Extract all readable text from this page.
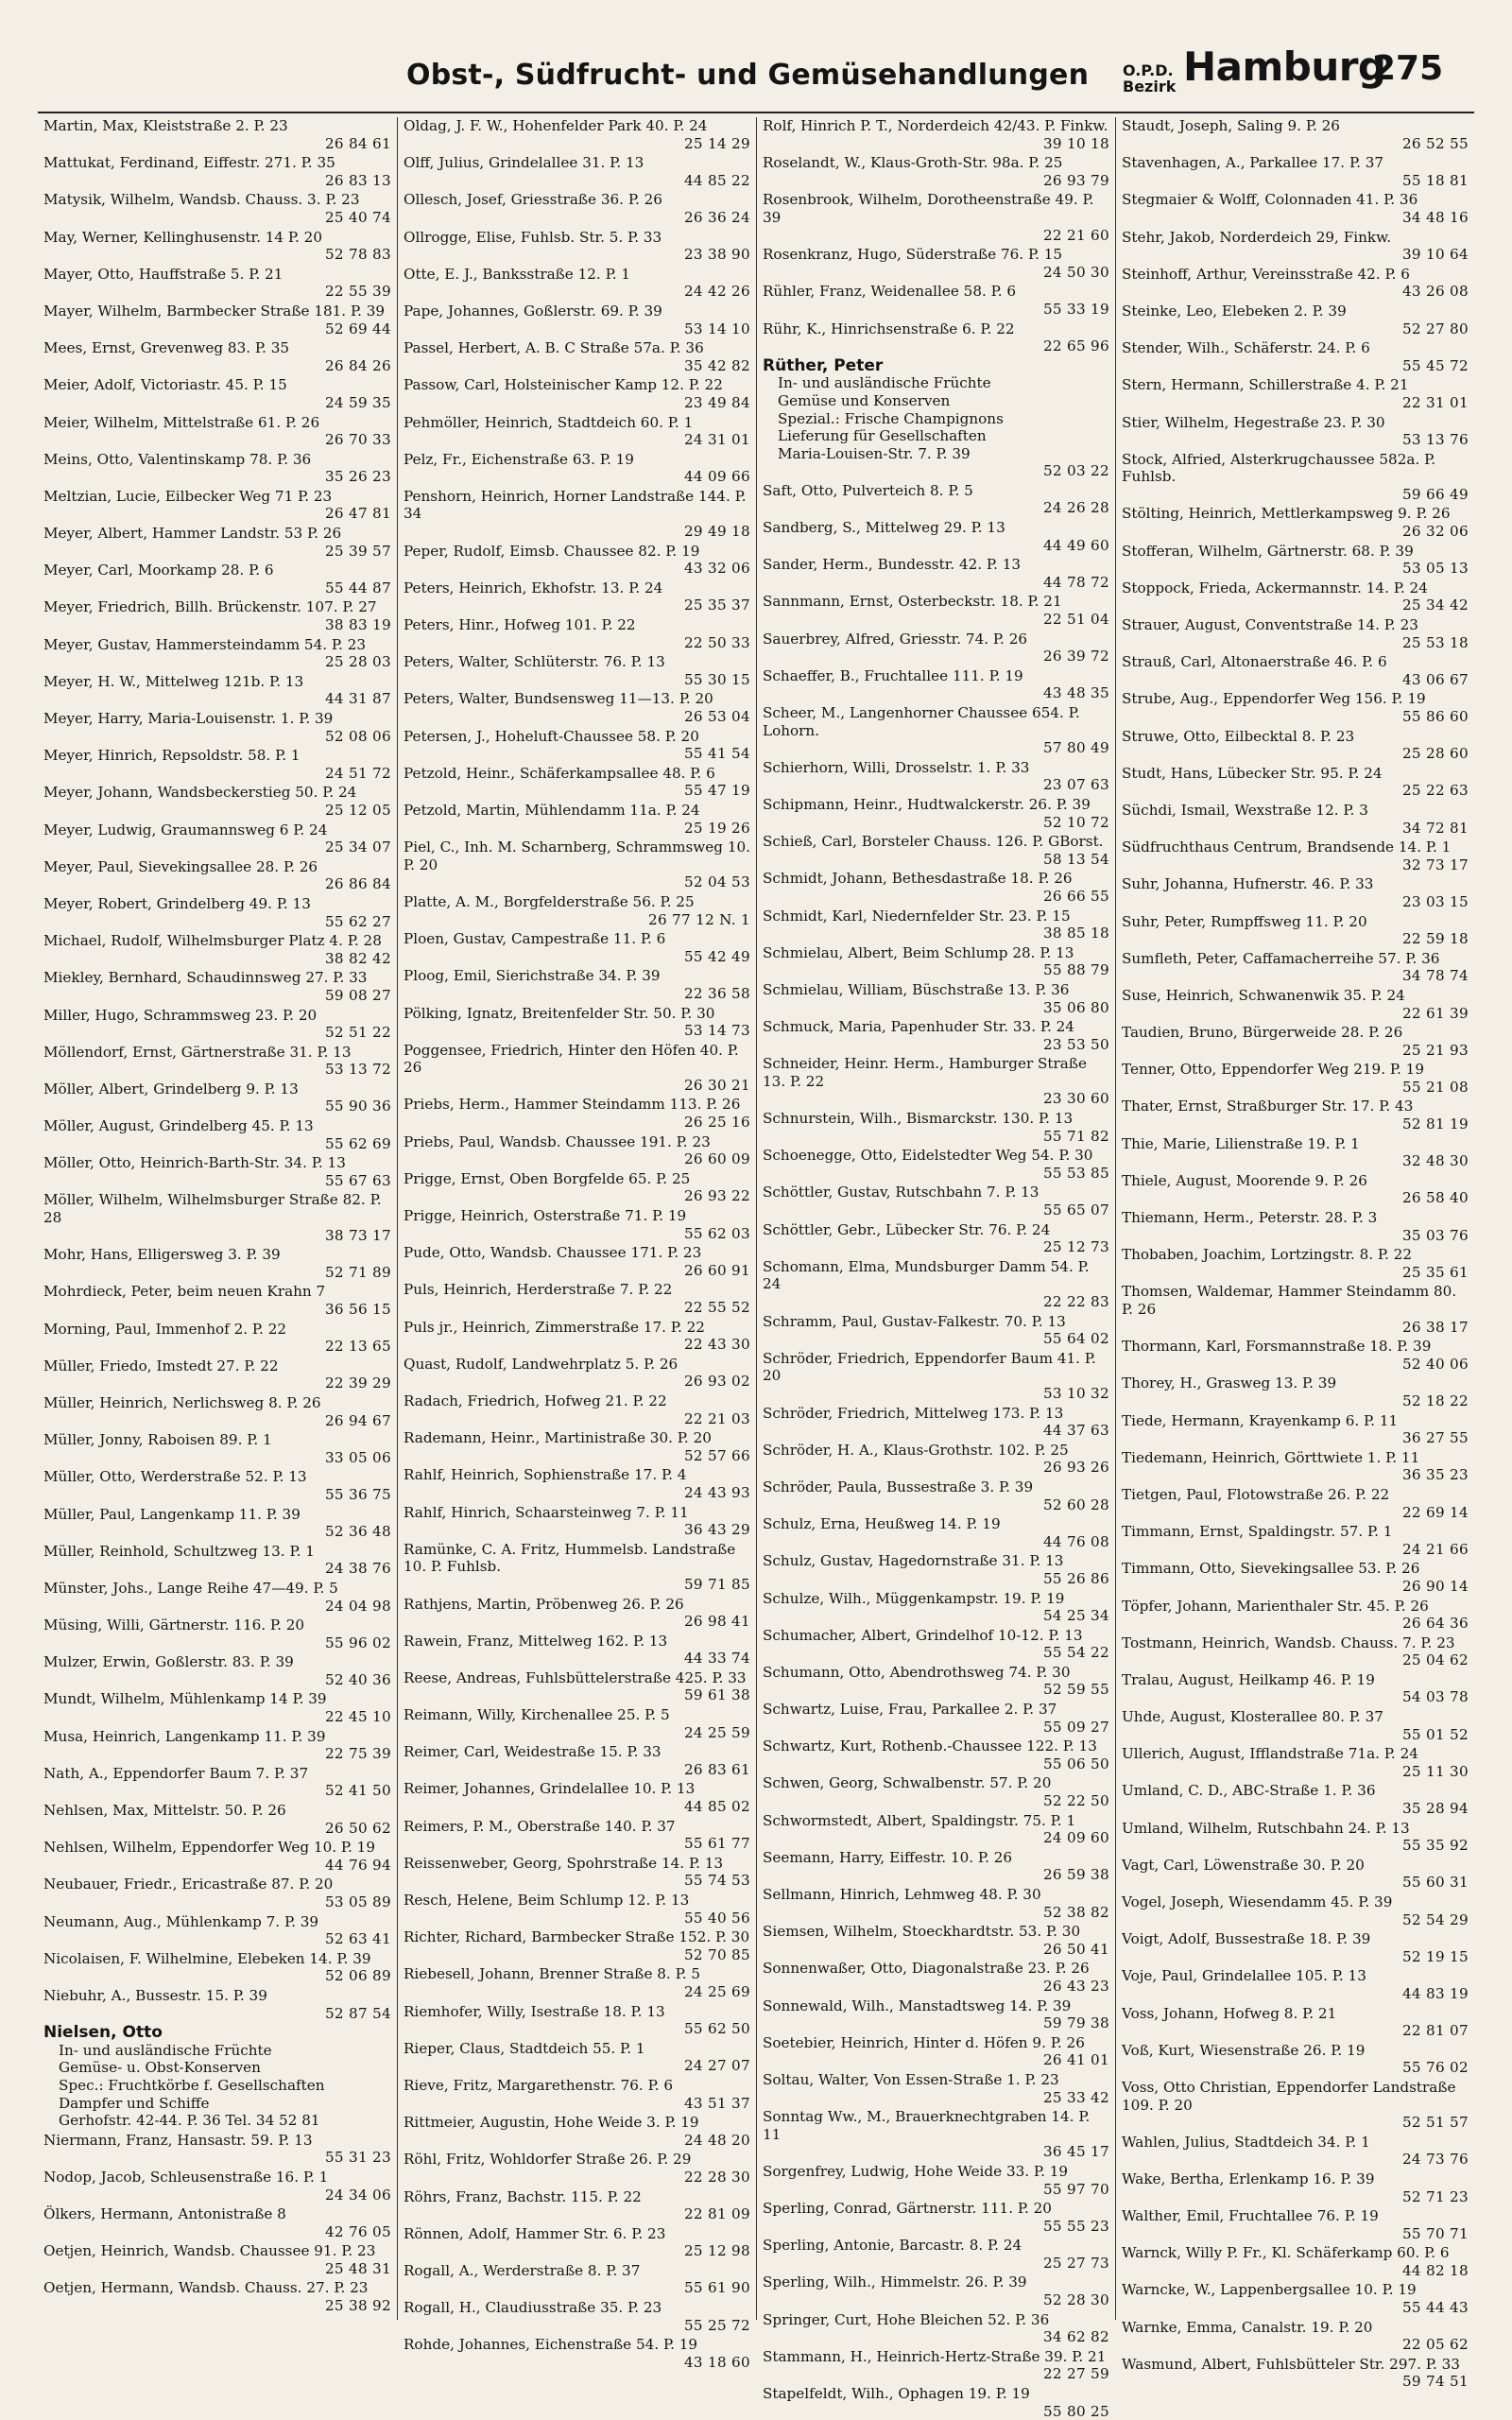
Obst-, Südfrucht- und Gemüsehandlungen O.P.D.
Bezirk Hamburg
275
Martin, Max, Kleiststraße 2. P. 23
26 84 61
Mattukat, Ferdinand, Eiffestr. 271. P. 35
26 83 13
Matysik, Wilhelm, Wandsb. Chauss. 3. P. 23
25 40 74
May, Werner, Kellinghusenstr. 14 P. 20
52 78 83
Mayer, Otto, Hauffstraße 5. P. 21
22 55 39
Mayer, Wilhelm, Barmbecker Straße 181. P. 39
52 69 44
Mees, Ernst, Grevenweg 83. P. 35
26 84 26
Meier, Adolf, Victoriastr. 45. P. 15
24 59 35
Meier, Wilhelm, Mittelstraße 61. P. 26
26 70 33
Meins, Otto, Valentinskamp 78. P. 36
35 26 23
Meltzian, Lucie, Eilbecker Weg 71 P. 23
26 47 81
Meyer, Albert, Hammer Landstr. 53 P. 26
25 39 57
Meyer, Carl, Moorkamp 28. P. 6
55 44 87
Meyer, Friedrich, Billh. Brückenstr. 107. P. 27
38 83 19
Meyer, Gustav, Hammersteindamm 54. P. 23
25 28 03
Meyer, H. W., Mittelweg 121b. P. 13
44 31 87
Meyer, Harry, Maria-Louisenstr. 1. P. 39
52 08 06
Meyer, Hinrich, Repsoldstr. 58. P. 1
24 51 72
Meyer, Johann, Wandsbeckerstieg 50. P. 24
25 12 05
Meyer, Ludwig, Graumannsweg 6 P. 24
25 34 07
Meyer, Paul, Sievekingsallee 28. P. 26
26 86 84
Meyer, Robert, Grindelberg 49. P. 13
55 62 27
Michael, Rudolf, Wilhelmsburger Platz 4. P. 28
38 82 42
Miekley, Bernhard, Schaudinnsweg 27. P. 33
59 08 27
Miller, Hugo, Schrammsweg 23. P. 20
52 51 22
Möllendorf, Ernst, Gärtnerstraße 31. P. 13
53 13 72
Möller, Albert, Grindelberg 9. P. 13
55 90 36
Möller, August, Grindelberg 45. P. 13
55 62 69
Möller, Otto, Heinrich-Barth-Str. 34. P. 13
55 67 63
Möller, Wilhelm, Wilhelmsburger Straße 82. P. 28
38 73 17
Mohr, Hans, Elligersweg 3. P. 39
52 71 89
Mohrdieck, Peter, beim neuen Krahn 7
36 56 15
Morning, Paul, Immenhof 2. P. 22
22 13 65
Müller, Friedo, Imstedt 27. P. 22
22 39 29
Müller, Heinrich, Nerlichsweg 8. P. 26
26 94 67
Müller, Jonny, Raboisen 89. P. 1
33 05 06
Müller, Otto, Werderstraße 52. P. 13
55 36 75
Müller, Paul, Langenkamp 11. P. 39
52 36 48
Müller, Reinhold, Schultzweg 13. P. 1
24 38 76
Münster, Johs., Lange Reihe 47—49. P. 5
24 04 98
Müsing, Willi, Gärtnerstr. 116. P. 20
55 96 02
Mulzer, Erwin, Goßlerstr. 83. P. 39
52 40 36
Mundt, Wilhelm, Mühlenkamp 14 P. 39
22 45 10
Musa, Heinrich, Langenkamp 11. P. 39
22 75 39
Nath, A., Eppendorfer Baum 7. P. 37
52 41 50
Nehlsen, Max, Mittelstr. 50. P. 26
26 50 62
Nehlsen, Wilhelm, Eppendorfer Weg 10. P. 19
44 76 94
Neubauer, Friedr., Ericastraße 87. P. 20
53 05 89
Neumann, Aug., Mühlenkamp 7. P. 39
52 63 41
Nicolaisen, F. Wilhelmine, Elebeken 14. P. 39
52 06 89
Niebuhr, A., Bussestr. 15. P. 39
52 87 54
Nielsen, Otto
In- und ausländische Früchte
Gemüse- u. Obst-Konserven
Spec.: Fruchtkörbe f. Gesellschaften
Dampfer und Schiffe
Gerhofstr. 42-44. P. 36 Tel. 34 52 81
Niermann, Franz, Hansastr. 59. P. 13
55 31 23
Nodop, Jacob, Schleusenstraße 16. P. 1
24 34 06
Ölkers, Hermann, Antonistraße 8
42 76 05
Oetjen, Heinrich, Wandsb. Chaussee 91. P. 23
25 48 31
Oetjen, Hermann, Wandsb. Chauss. 27. P. 23
25 38 92
Oldag, J. F. W., Hohenfelder Park 40. P. 24
25 14 29
Olff, Julius, Grindelallee 31. P. 13
44 85 22
Ollesch, Josef, Griesstraße 36. P. 26
26 36 24
Ollrogge, Elise, Fuhlsb. Str. 5. P. 33
23 38 90
Otte, E. J., Banksstraße 12. P. 1
24 42 26
Pape, Johannes, Goßlerstr. 69. P. 39
53 14 10
Passel, Herbert, A. B. C Straße 57a. P. 36
35 42 82
Passow, Carl, Holsteinischer Kamp 12. P. 22
23 49 84
Pehmöller, Heinrich, Stadtdeich 60. P. 1
24 31 01
Pelz, Fr., Eichenstraße 63. P. 19
44 09 66
Penshorn, Heinrich, Horner Landstraße 144. P. 34
29 49 18
Peper, Rudolf, Eimsb. Chaussee 82. P. 19
43 32 06
Peters, Heinrich, Ekhofstr. 13. P. 24
25 35 37
Peters, Hinr., Hofweg 101. P. 22
22 50 33
Peters, Walter, Schlüterstr. 76. P. 13
55 30 15
Peters, Walter, Bundsensweg 11—13. P. 20
26 53 04
Petersen, J., Hoheluft-Chaussee 58. P. 20
55 41 54
Petzold, Heinr., Schäferkampsallee 48. P. 6
55 47 19
Petzold, Martin, Mühlendamm 11a. P. 24
25 19 26
Piel, C., Inh. M. Scharnberg, Schrammsweg 10. P. 20
52 04 53
Platte, A. M., Borgfelderstraße 56. P. 25
26 77 12 N. 1
Ploen, Gustav, Campestraße 11. P. 6
55 42 49
Ploog, Emil, Sierichstraße 34. P. 39
22 36 58
Pölking, Ignatz, Breitenfelder Str. 50. P. 30
53 14 73
Poggensee, Friedrich, Hinter den Höfen 40. P. 26
26 30 21
Priebs, Herm., Hammer Steindamm 113. P. 26
26 25 16
Priebs, Paul, Wandsb. Chaussee 191. P. 23
26 60 09
Prigge, Ernst, Oben Borgfelde 65. P. 25
26 93 22
Prigge, Heinrich, Osterstraße 71. P. 19
55 62 03
Pude, Otto, Wandsb. Chaussee 171. P. 23
26 60 91
Puls, Heinrich, Herderstraße 7. P. 22
22 55 52
Puls jr., Heinrich, Zimmerstraße 17. P. 22
22 43 30
Quast, Rudolf, Landwehrplatz 5. P. 26
26 93 02
Radach, Friedrich, Hofweg 21. P. 22
22 21 03
Rademann, Heinr., Martinistraße 30. P. 20
52 57 66
Rahlf, Heinrich, Sophienstraße 17. P. 4
24 43 93
Rahlf, Hinrich, Schaarsteinweg 7. P. 11
36 43 29
Ramünke, C. A. Fritz, Hummelsb. Landstraße 10. P. Fuhlsb.
59 71 85
Rathjens, Martin, Pröbenweg 26. P. 26
26 98 41
Rawein, Franz, Mittelweg 162. P. 13
44 33 74
Reese, Andreas, Fuhlsbüttelerstraße 425. P. 33
59 61 38
Reimann, Willy, Kirchenallee 25. P. 5
24 25 59
Reimer, Carl, Weidestraße 15. P. 33
26 83 61
Reimer, Johannes, Grindelallee 10. P. 13
44 85 02
Reimers, P. M., Oberstraße 140. P. 37
55 61 77
Reissenweber, Georg, Spohrstraße 14. P. 13
55 74 53
Resch, Helene, Beim Schlump 12. P. 13
55 40 56
Richter, Richard, Barmbecker Straße 152. P. 30
52 70 85
Riebesell, Johann, Brenner Straße 8. P. 5
24 25 69
Riemhofer, Willy, Isestraße 18. P. 13
55 62 50
Rieper, Claus, Stadtdeich 55. P. 1
24 27 07
Rieve, Fritz, Margarethenstr. 76. P. 6
43 51 37
Rittmeier, Augustin, Hohe Weide 3. P. 19
24 48 20
Röhl, Fritz, Wohldorfer Straße 26. P. 29
22 28 30
Röhrs, Franz, Bachstr. 115. P. 22
22 81 09
Rönnen, Adolf, Hammer Str. 6. P. 23
25 12 98
Rogall, A., Werderstraße 8. P. 37
55 61 90
Rogall, H., Claudiusstraße 35. P. 23
55 25 72
Rohde, Johannes, Eichenstraße 54. P. 19
43 18 60
Rolf, Hinrich P. T., Norderdeich 42/43. P. Finkw.
39 10 18
Roselandt, W., Klaus-Groth-Str. 98a. P. 25
26 93 79
Rosenbrook, Wilhelm, Dorotheenstraße 49. P. 39
22 21 60
Rosenkranz, Hugo, Süderstraße 76. P. 15
24 50 30
Rühler, Franz, Weidenallee 58. P. 6
55 33 19
Rühr, K., Hinrichsenstraße 6. P. 22
22 65 96
Rüther, Peter
In- und ausländische Früchte
Gemüse und Konserven
Spezial.: Frische Champignons
Lieferung für Gesellschaften
Maria-Louisen-Str. 7. P. 39
52 03 22
Saft, Otto, Pulverteich 8. P. 5
24 26 28
Sandberg, S., Mittelweg 29. P. 13
44 49 60
Sander, Herm., Bundesstr. 42. P. 13
44 78 72
Sannmann, Ernst, Osterbeckstr. 18. P. 21
22 51 04
Sauerbrey, Alfred, Griesstr. 74. P. 26
26 39 72
Schaeffer, B., Fruchtallee 111. P. 19
43 48 35
Scheer, M., Langenhorner Chaussee 654. P. Lohorn.
57 80 49
Schierhorn, Willi, Drosselstr. 1. P. 33
23 07 63
Schipmann, Heinr., Hudtwalckerstr. 26. P. 39
52 10 72
Schieß, Carl, Borsteler Chauss. 126. P. GBorst.
58 13 54
Schmidt, Johann, Bethesdastraße 18. P. 26
26 66 55
Schmidt, Karl, Niedernfelder Str. 23. P. 15
38 85 18
Schmielau, Albert, Beim Schlump 28. P. 13
55 88 79
Schmielau, William, Büschstraße 13. P. 36
35 06 80
Schmuck, Maria, Papenhuder Str. 33. P. 24
23 53 50
Schneider, Heinr. Herm., Hamburger Straße 13. P. 22
23 30 60
Schnurstein, Wilh., Bismarckstr. 130. P. 13
55 71 82
Schoenegge, Otto, Eidelstedter Weg 54. P. 30
55 53 85
Schöttler, Gustav, Rutschbahn 7. P. 13
55 65 07
Schöttler, Gebr., Lübecker Str. 76. P. 24
25 12 73
Schomann, Elma, Mundsburger Damm 54. P. 24
22 22 83
Schramm, Paul, Gustav-Falkestr. 70. P. 13
55 64 02
Schröder, Friedrich, Eppendorfer Baum 41. P. 20
53 10 32
Schröder, Friedrich, Mittelweg 173. P. 13
44 37 63
Schröder, H. A., Klaus-Grothstr. 102. P. 25
26 93 26
Schröder, Paula, Bussestraße 3. P. 39
52 60 28
Schulz, Erna, Heußweg 14. P. 19
44 76 08
Schulz, Gustav, Hagedornstraße 31. P. 13
55 26 86
Schulze, Wilh., Müggenkampstr. 19. P. 19
54 25 34
Schumacher, Albert, Grindelhof 10-12. P. 13
55 54 22
Schumann, Otto, Abendrothsweg 74. P. 30
52 59 55
Schwartz, Luise, Frau, Parkallee 2. P. 37
55 09 27
Schwartz, Kurt, Rothenb.-Chaussee 122. P. 13
55 06 50
Schwen, Georg, Schwalbenstr. 57. P. 20
52 22 50
Schwormstedt, Albert, Spaldingstr. 75. P. 1
24 09 60
Seemann, Harry, Eiffestr. 10. P. 26
26 59 38
Sellmann, Hinrich, Lehmweg 48. P. 30
52 38 82
Siemsen, Wilhelm, Stoeckhardtstr. 53. P. 30
26 50 41
Sonnenwaßer, Otto, Diagonalstraße 23. P. 26
26 43 23
Sonnewald, Wilh., Manstadtsweg 14. P. 39
59 79 38
Soetebier, Heinrich, Hinter d. Höfen 9. P. 26
26 41 01
Soltau, Walter, Von Essen-Straße 1. P. 23
25 33 42
Sonntag Ww., M., Brauerknechtgraben 14. P. 11
36 45 17
Sorgenfrey, Ludwig, Hohe Weide 33. P. 19
55 97 70
Sperling, Conrad, Gärtnerstr. 111. P. 20
55 55 23
Sperling, Antonie, Barcastr. 8. P. 24
25 27 73
Sperling, Wilh., Himmelstr. 26. P. 39
52 28 30
Springer, Curt, Hohe Bleichen 52. P. 36
34 62 82
Stammann, H., Heinrich-Hertz-Straße 39. P. 21
22 27 59
Stapelfeldt, Wilh., Ophagen 19. P. 19
55 80 25
Staudt, Joseph, Saling 9. P. 26
26 52 55
Stavenhagen, A., Parkallee 17. P. 37
55 18 81
Stegmaier & Wolff, Colonnaden 41. P. 36
34 48 16
Stehr, Jakob, Norderdeich 29, Finkw.
39 10 64
Steinhoff, Arthur, Vereinsstraße 42. P. 6
43 26 08
Steinke, Leo, Elebeken 2. P. 39
52 27 80
Stender, Wilh., Schäferstr. 24. P. 6
55 45 72
Stern, Hermann, Schillerstraße 4. P. 21
22 31 01
Stier, Wilhelm, Hegestraße 23. P. 30
53 13 76
Stock, Alfried, Alsterkrugchaussee 582a. P. Fuhlsb.
59 66 49
Stölting, Heinrich, Mettlerkampsweg 9. P. 26
26 32 06
Stofferan, Wilhelm, Gärtnerstr. 68. P. 39
53 05 13
Stoppock, Frieda, Ackermannstr. 14. P. 24
25 34 42
Strauer, August, Conventstraße 14. P. 23
25 53 18
Strauß, Carl, Altonaerstraße 46. P. 6
43 06 67
Strube, Aug., Eppendorfer Weg 156. P. 19
55 86 60
Struwe, Otto, Eilbecktal 8. P. 23
25 28 60
Studt, Hans, Lübecker Str. 95. P. 24
25 22 63
Süchdi, Ismail, Wexstraße 12. P. 3
34 72 81
Südfruchthaus Centrum, Brandsende 14. P. 1
32 73 17
Suhr, Johanna, Hufnerstr. 46. P. 33
23 03 15
Suhr, Peter, Rumpffsweg 11. P. 20
22 59 18
Sumfleth, Peter, Caffamacherreihe 57. P. 36
34 78 74
Suse, Heinrich, Schwanenwik 35. P. 24
22 61 39
Taudien, Bruno, Bürgerweide 28. P. 26
25 21 93
Tenner, Otto, Eppendorfer Weg 219. P. 19
55 21 08
Thater, Ernst, Straßburger Str. 17. P. 43
52 81 19
Thie, Marie, Lilienstraße 19. P. 1
32 48 30
Thiele, August, Moorende 9. P. 26
26 58 40
Thiemann, Herm., Peterstr. 28. P. 3
35 03 76
Thobaben, Joachim, Lortzingstr. 8. P. 22
25 35 61
Thomsen, Waldemar, Hammer Steindamm 80. P. 26
26 38 17
Thormann, Karl, Forsmannstraße 18. P. 39
52 40 06
Thorey, H., Grasweg 13. P. 39
52 18 22
Tiede, Hermann, Krayenkamp 6. P. 11
36 27 55
Tiedemann, Heinrich, Görttwiete 1. P. 11
36 35 23
Tietgen, Paul, Flotowstraße 26. P. 22
22 69 14
Timmann, Ernst, Spaldingstr. 57. P. 1
24 21 66
Timmann, Otto, Sievekingsallee 53. P. 26
26 90 14
Töpfer, Johann, Marienthaler Str. 45. P. 26
26 64 36
Tostmann, Heinrich, Wandsb. Chauss. 7. P. 23
25 04 62
Tralau, August, Heilkamp 46. P. 19
54 03 78
Uhde, August, Klosterallee 80. P. 37
55 01 52
Ullerich, August, Ifflandstraße 71a. P. 24
25 11 30
Umland, C. D., ABC-Straße 1. P. 36
35 28 94
Umland, Wilhelm, Rutschbahn 24. P. 13
55 35 92
Vagt, Carl, Löwenstraße 30. P. 20
55 60 31
Vogel, Joseph, Wiesendamm 45. P. 39
52 54 29
Voigt, Adolf, Bussestraße 18. P. 39
52 19 15
Voje, Paul, Grindelallee 105. P. 13
44 83 19
Voss, Johann, Hofweg 8. P. 21
22 81 07
Voß, Kurt, Wiesenstraße 26. P. 19
55 76 02
Voss, Otto Christian, Eppendorfer Landstraße 109. P. 20
52 51 57
Wahlen, Julius, Stadtdeich 34. P. 1
24 73 76
Wake, Bertha, Erlenkamp 16. P. 39
52 71 23
Walther, Emil, Fruchtallee 76. P. 19
55 70 71
Warnck, Willy P. Fr., Kl. Schäferkamp 60. P. 6
44 82 18
Warncke, W., Lappenbergsallee 10. P. 19
55 44 43
Warnke, Emma, Canalstr. 19. P. 20
22 05 62
Wasmund, Albert, Fuhlsbütteler Str. 297. P. 33
59 74 51
